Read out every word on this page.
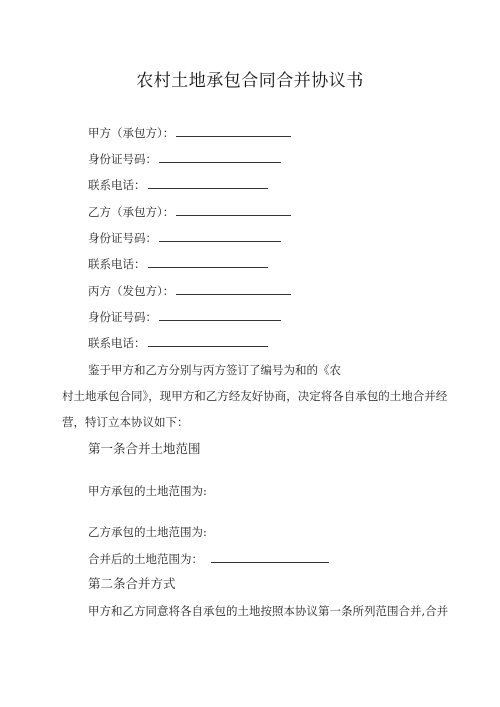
农村土地承包合同合并协议书
甲方（承包方）：
身份证号码：
联系电话：
乙方（承包方）：
身份证号码：
联系电话：
丙方（发包方）：
身份证号码：
联系电话：
鉴于甲方和乙方分别与丙方签订了编号为和的《农
村土地承包合同》，现甲方和乙方经友好协商，决定将各自承包的土地合并经
营，特订立本协议如下：
第一条合并土地范围
甲方承包的土地范围为:
乙方承包的土地范围为:
合并后的土地范围为：
第二条合并方式
甲方和乙方同意将各自承包的土地按照本协议第一条所列范围合并,合并
